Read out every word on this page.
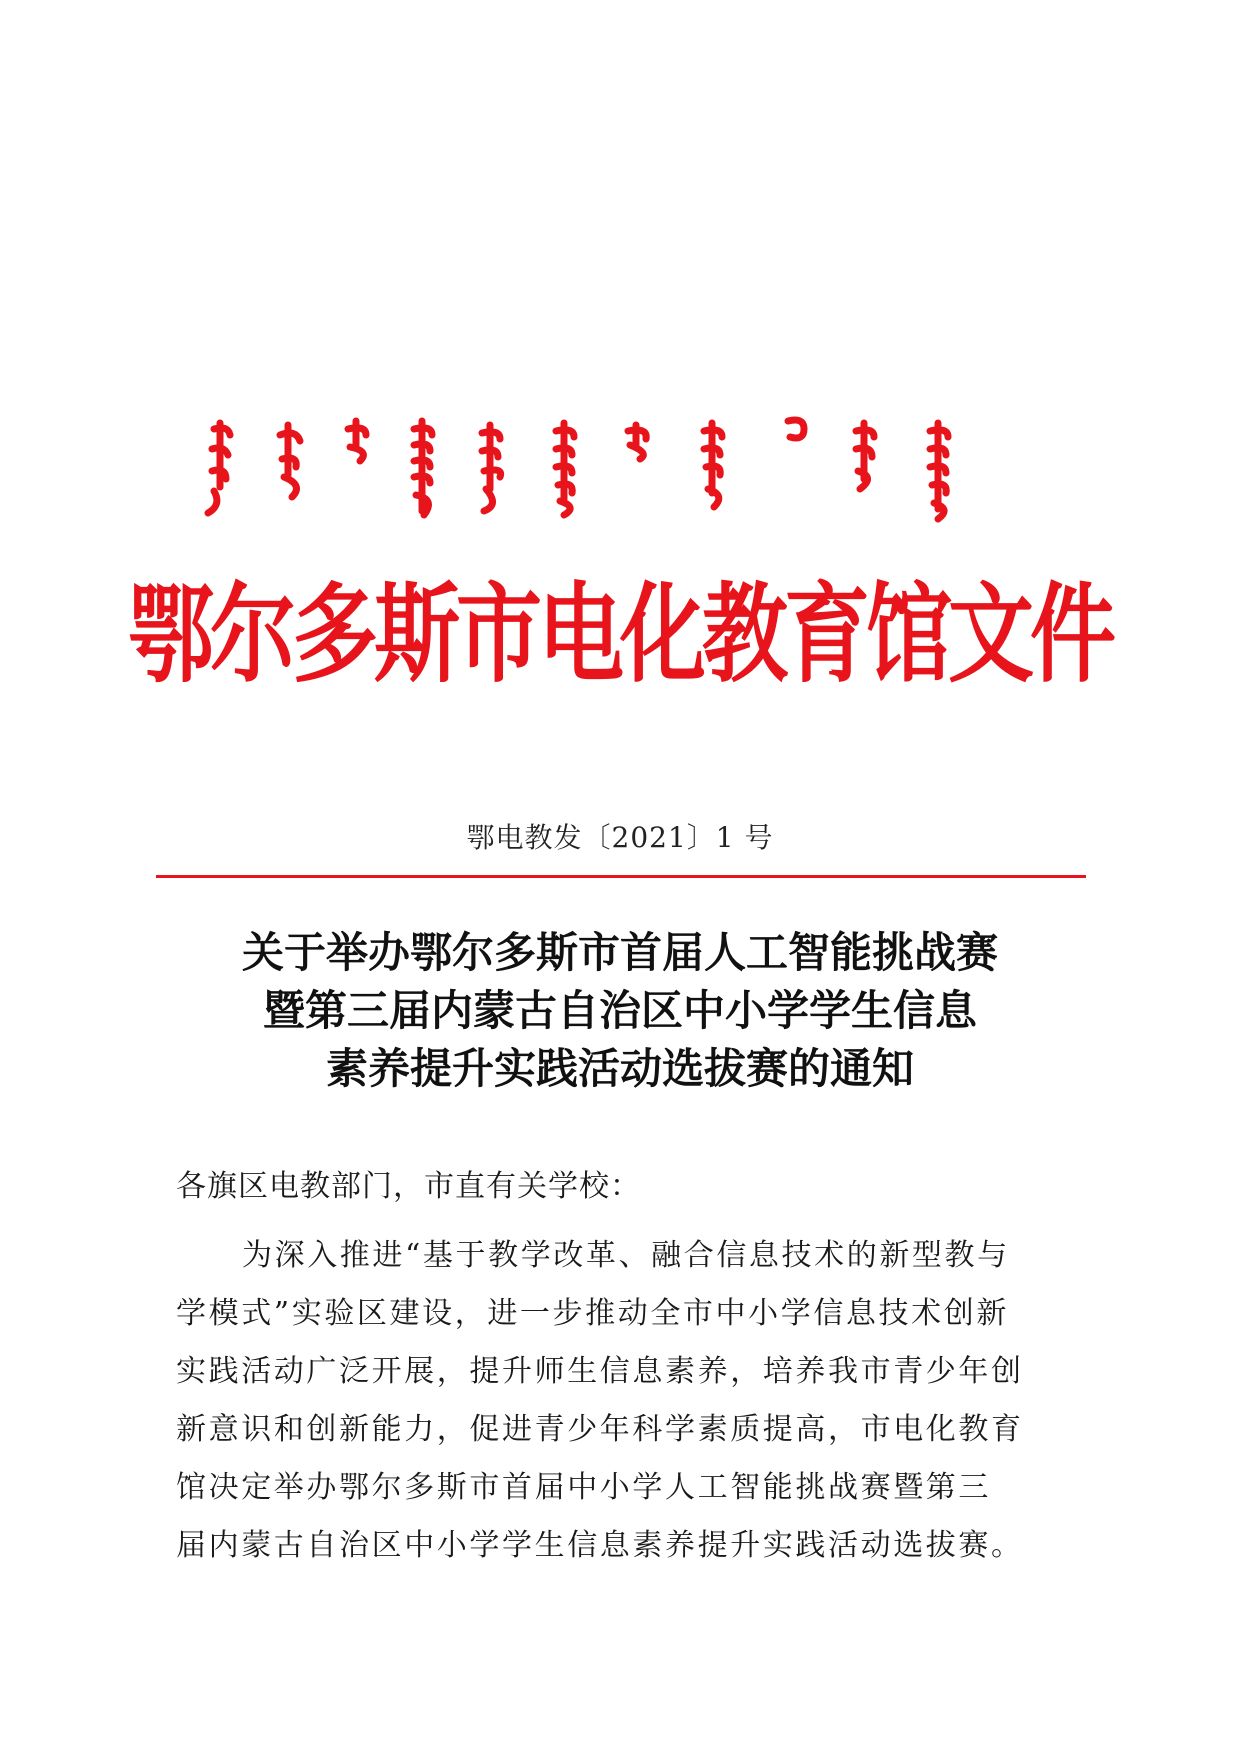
鄂尔多斯市电化教育馆文件
鄂电教发〔2021〕1 号
关于举办鄂尔多斯市首届人工智能挑战赛
暨第三届内蒙古自治区中小学学生信息
素养提升实践活动选拔赛的通知
各旗区电教部门，市直有关学校：
为深入推进“基于教学改革、融合信息技术的新型教与
学模式”实验区建设，进一步推动全市中小学信息技术创新
实践活动广泛开展，提升师生信息素养，培养我市青少年创
新意识和创新能力，促进青少年科学素质提高，市电化教育
馆决定举办鄂尔多斯市首届中小学人工智能挑战赛暨第三
届内蒙古自治区中小学学生信息素养提升实践活动选拔赛。
